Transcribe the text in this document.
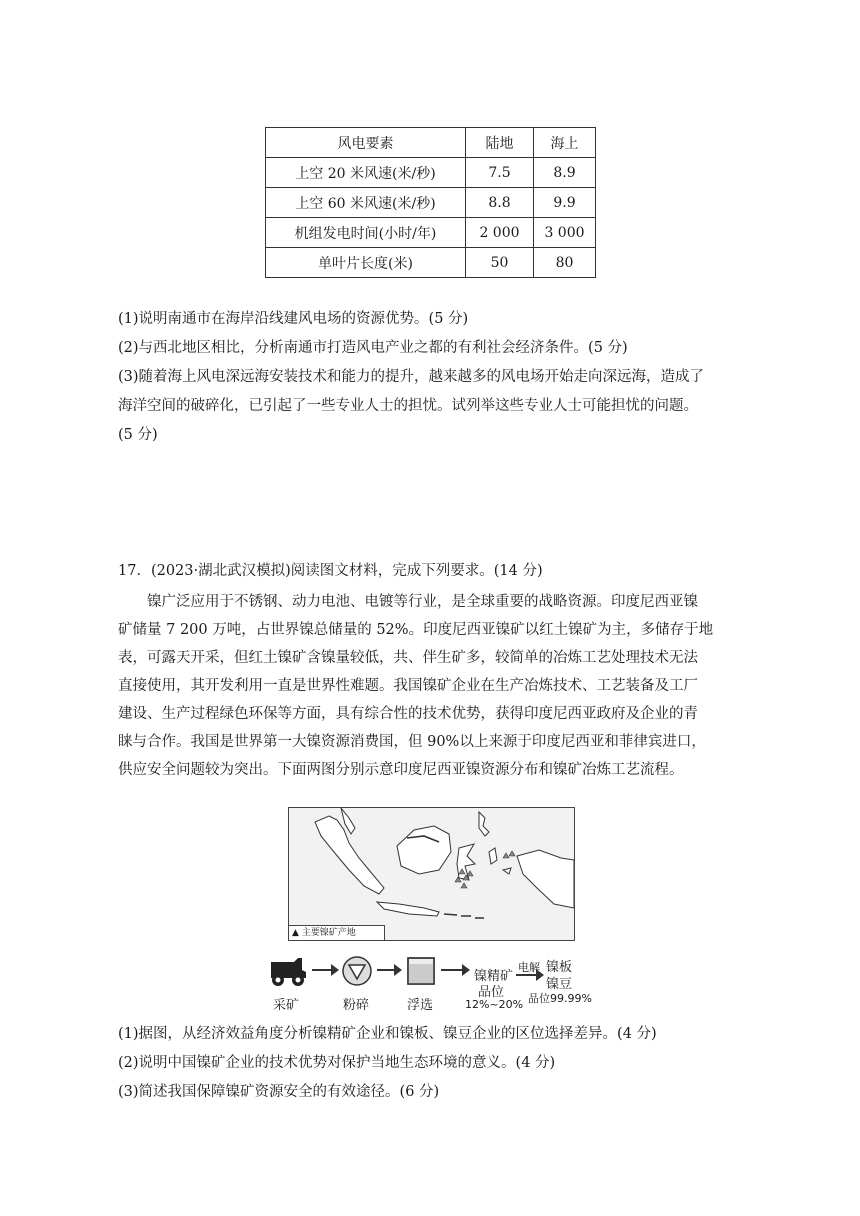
风电要素	陆地	海上
上空 20 米风速(米/秒)	7.5	8.9
上空 60 米风速(米/秒)	8.8	9.9
机组发电时间(小时/年)	2 000	3 000
单叶片长度(米)	50	80
(1)说明南通市在海岸沿线建风电场的资源优势。(5 分)
(2)与西北地区相比，分析南通市打造风电产业之都的有利社会经济条件。(5 分)
(3)随着海上风电深远海安装技术和能力的提升，越来越多的风电场开始走向深远海，造成了
海洋空间的破碎化，已引起了一些专业人士的担忧。试列举这些专业人士可能担忧的问题。
(5 分)
17．(2023·湖北武汉模拟)阅读图文材料，完成下列要求。(14 分)
镍广泛应用于不锈钢、动力电池、电镀等行业，是全球重要的战略资源。印度尼西亚镍
矿储量 7 200 万吨，占世界镍总储量的 52%。印度尼西亚镍矿以红土镍矿为主，多储存于地
表，可露天开采，但红土镍矿含镍量较低，共、伴生矿多，较简单的冶炼工艺处理技术无法
直接使用，其开发利用一直是世界性难题。我国镍矿企业在生产冶炼技术、工艺装备及工厂
建设、生产过程绿色环保等方面，具有综合性的技术优势，获得印度尼西亚政府及企业的青
睐与合作。我国是世界第一大镍资源消费国，但 90%以上来源于印度尼西亚和菲律宾进口，
供应安全问题较为突出。下面两图分别示意印度尼西亚镍资源分布和镍矿冶炼工艺流程。
▲ 主要镍矿产地
采矿	粉碎	浮选
镍精矿
品位
12%~20%
电解 镍板
镍豆
品位99.99%
(1)据图，从经济效益角度分析镍精矿企业和镍板、镍豆企业的区位选择差异。(4 分)
(2)说明中国镍矿企业的技术优势对保护当地生态环境的意义。(4 分)
(3)简述我国保障镍矿资源安全的有效途径。(6 分)
